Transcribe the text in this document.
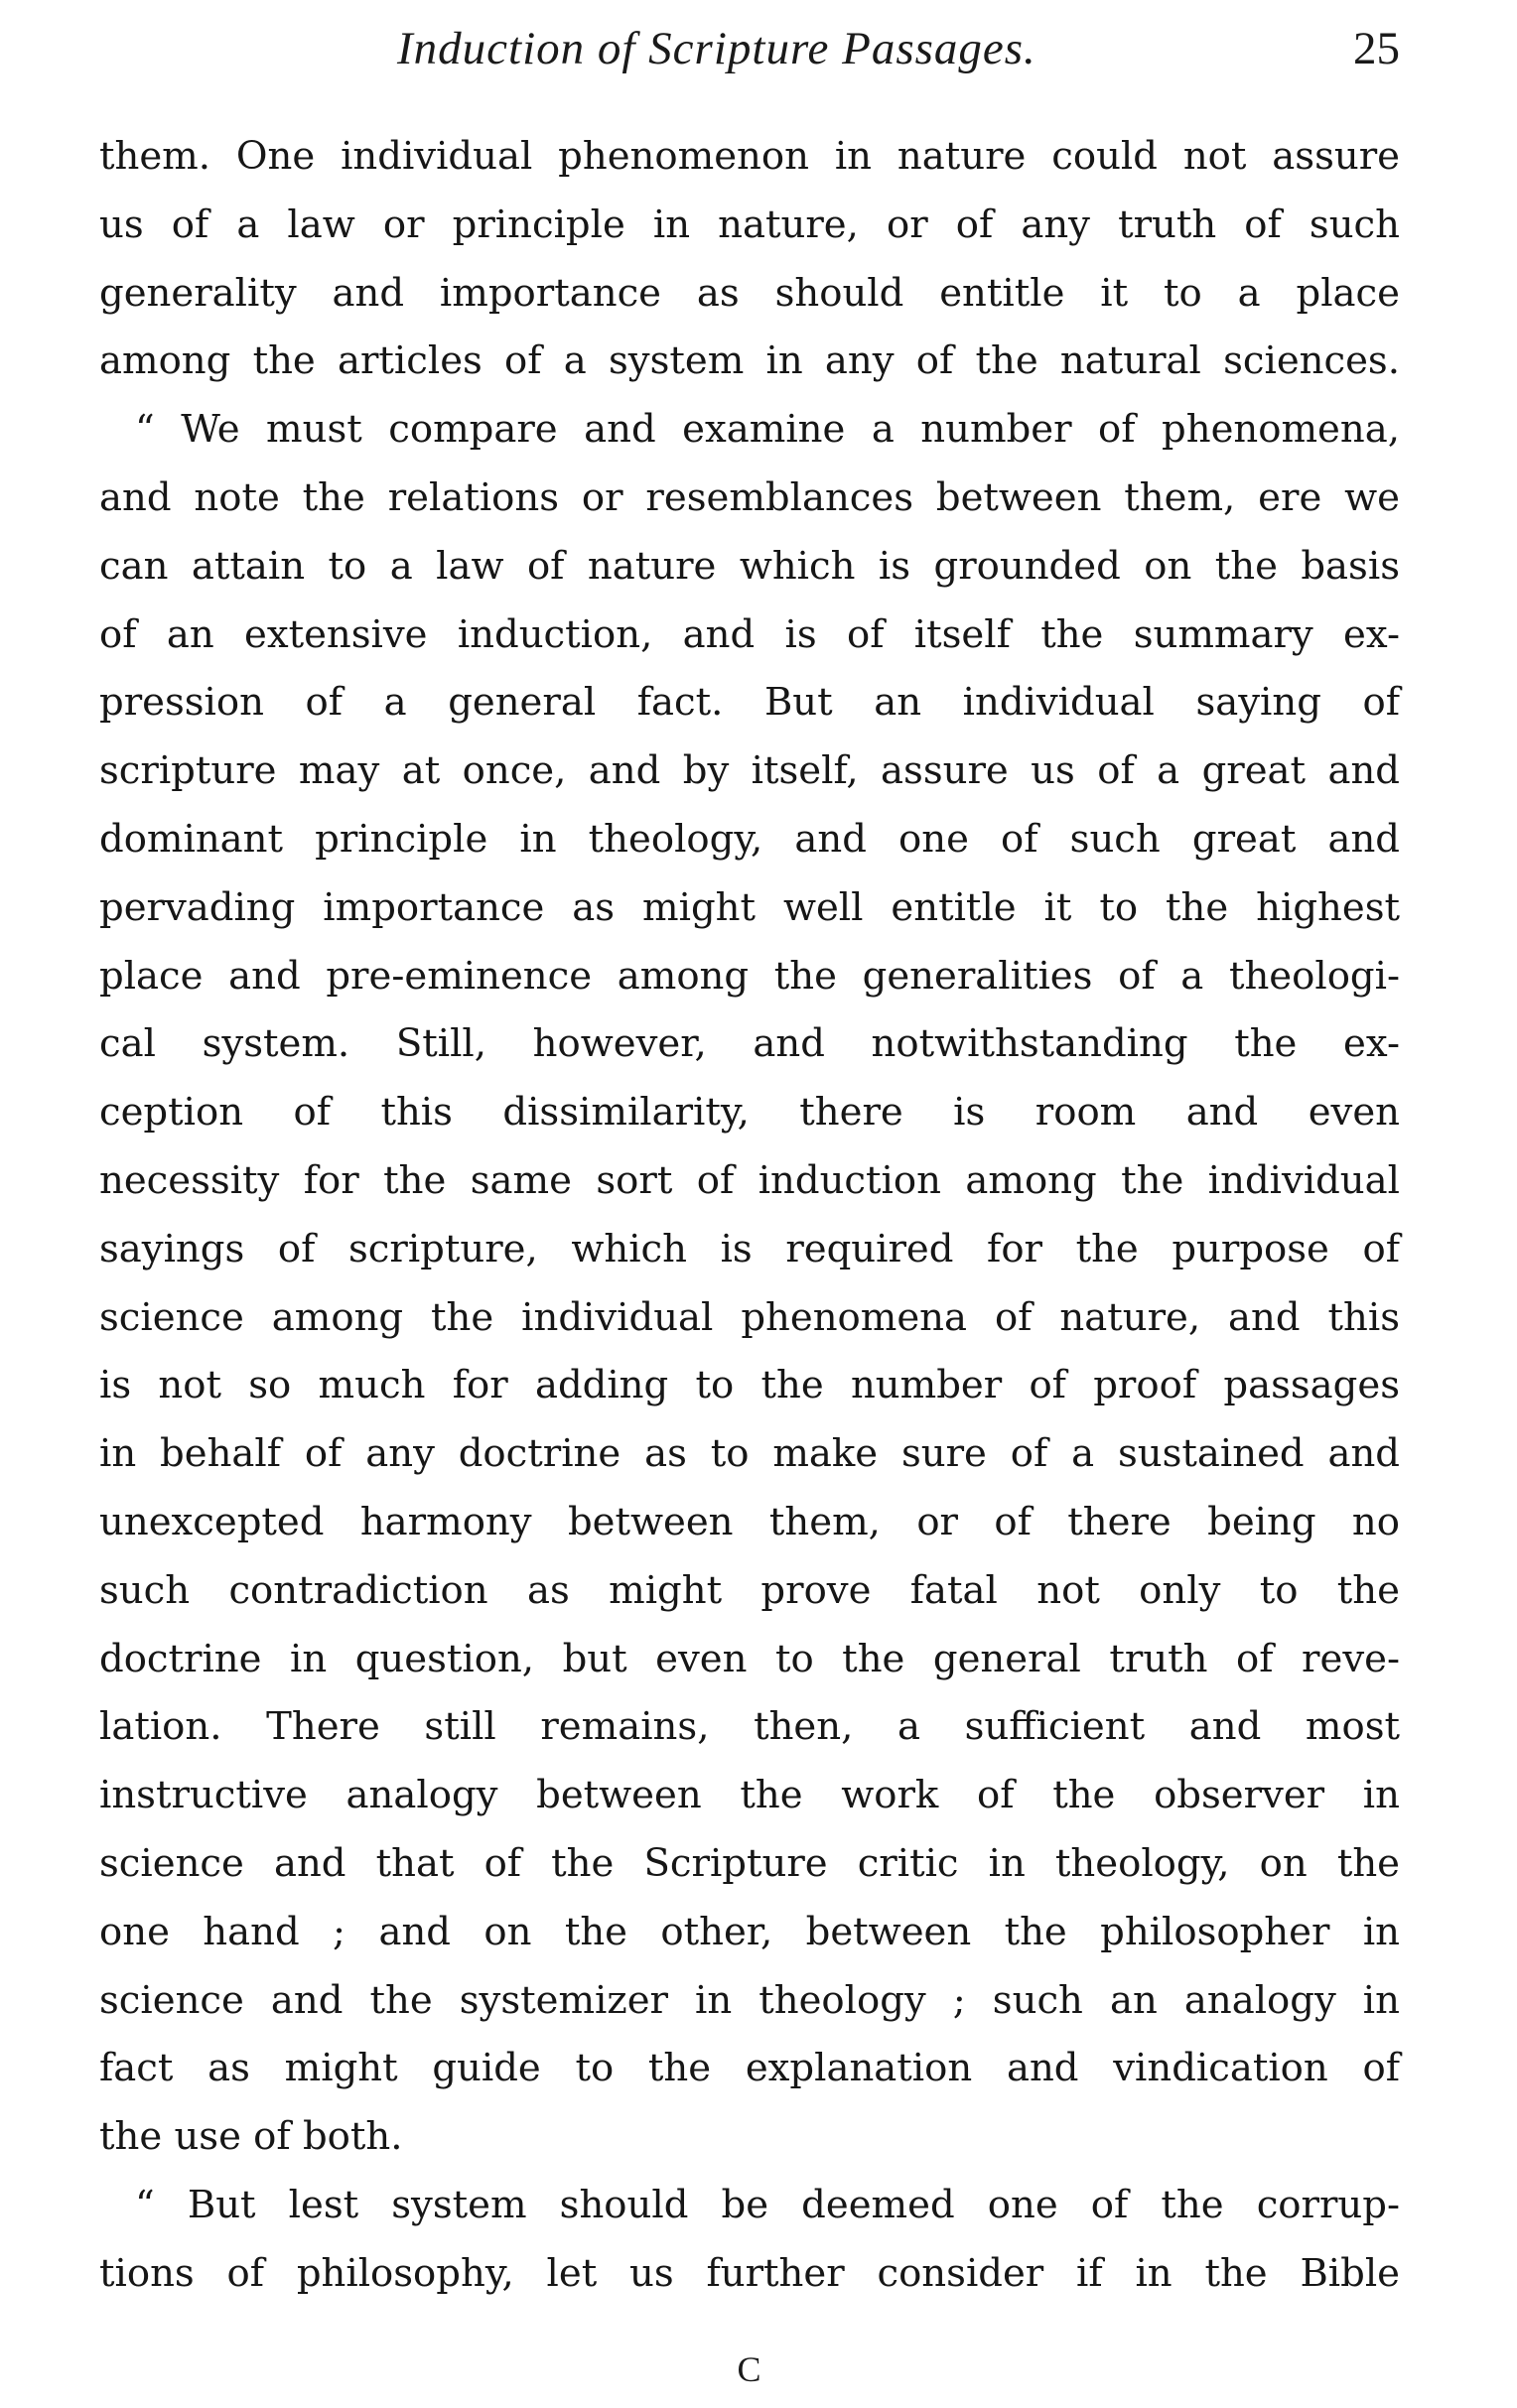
Induction of Scripture Passages.	25
them. One individual phenomenon in nature could not assure
us of a law or principle in nature, or of any truth of such
generality and importance as should entitle it to a place
among the articles of a system in any of the natural sciences.
“ We must compare and examine a number of phenomena,
and note the relations or resemblances between them, ere we
can attain to a law of nature which is grounded on the basis
of an extensive induction, and is of itself the summary ex-
pression of a general fact. But an individual saying of
scripture may at once, and by itself, assure us of a great and
dominant principle in theology, and one of such great and
pervading importance as might well entitle it to the highest
place and pre-eminence among the generalities of a theologi-
cal system. Still, however, and notwithstanding the ex-
ception of this dissimilarity, there is room and even
necessity for the same sort of induction among the individual
sayings of scripture, which is required for the purpose of
science among the individual phenomena of nature, and this
is not so much for adding to the number of proof passages
in behalf of any doctrine as to make sure of a sustained and
unexcepted harmony between them, or of there being no
such contradiction as might prove fatal not only to the
doctrine in question, but even to the general truth of reve-
lation. There still remains, then, a sufficient and most
instructive analogy between the work of the observer in
science and that of the Scripture critic in theology, on the
one hand ; and on the other, between the philosopher in
science and the systemizer in theology ; such an analogy in
fact as might guide to the explanation and vindication of
the use of both.
“ But lest system should be deemed one of the corrup-
tions of philosophy, let us further consider if in the Bible
C
